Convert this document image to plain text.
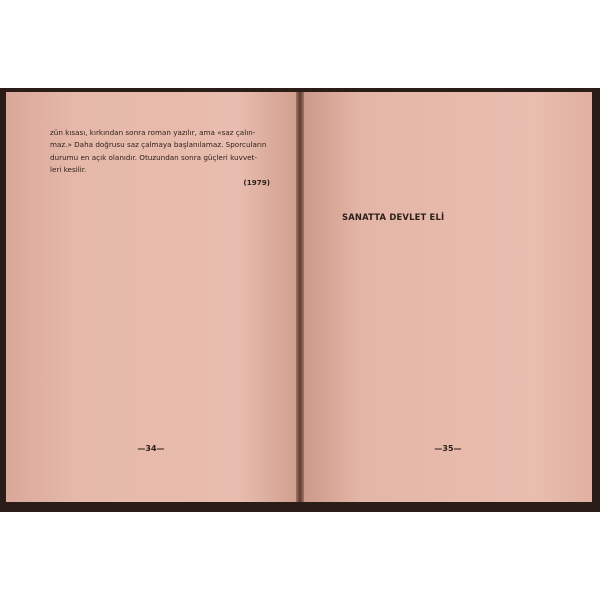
zün kısası, kırkından sonra roman yazılır, ama «saz çalın-

maz.» Daha doğrusu saz çalmaya başlanılamaz. Sporcuların

durumu en açık olanıdır. Otuzundan sonra güçleri kuvvet-

leri kesilir.

(1979)

—34—
SANATTA DEVLET ELİ
—35—
